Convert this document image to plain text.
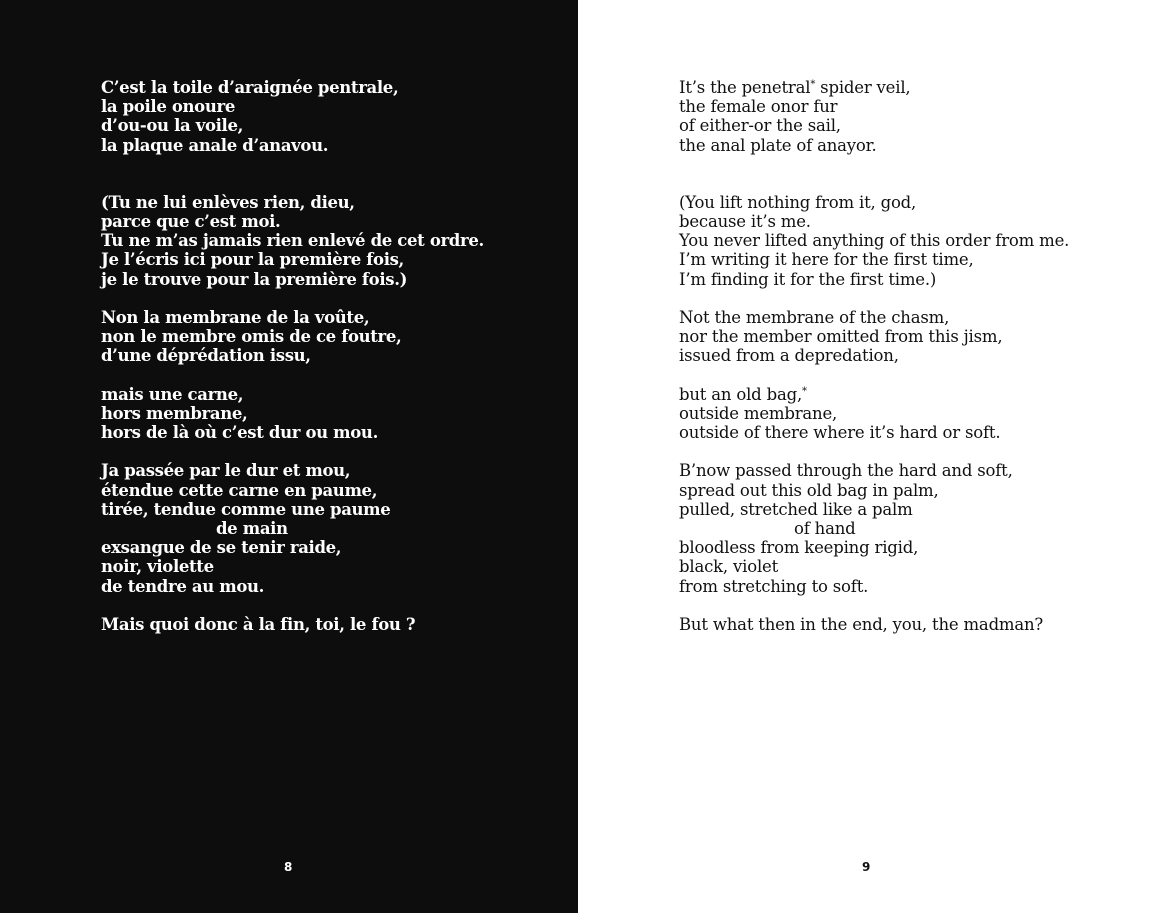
C’est la toile d’araignée pentrale,
la poile onoure
d’ou-ou la voile,
la plaque anale d’anavou.
(Tu ne lui enlèves rien, dieu,
parce que c’est moi.
Tu ne m’as jamais rien enlevé de cet ordre.
Je l’écris ici pour la première fois,
je le trouve pour la première fois.)
Non la membrane de la voûte,
non le membre omis de ce foutre,
d’une déprédation issu,
mais une carne,
hors membrane,
hors de là où c’est dur ou mou.
Ja passée par le dur et mou,
étendue cette carne en paume,
tirée, tendue comme une paume
de main
exsangue de se tenir raide,
noir, violette
de tendre au mou.
Mais quoi donc à la fin, toi, le fou ?
8
It’s the penetral* spider veil,
the female onor fur
of either-or the sail,
the anal plate of anayor.
(You lift nothing from it, god,
because it’s me.
You never lifted anything of this order from me.
I’m writing it here for the first time,
I’m finding it for the first time.)
Not the membrane of the chasm,
nor the member omitted from this jism,
issued from a depredation,
but an old bag,*
outside membrane,
outside of there where it’s hard or soft.
B’now passed through the hard and soft,
spread out this old bag in palm,
pulled, stretched like a palm
of hand
bloodless from keeping rigid,
black, violet
from stretching to soft.
But what then in the end, you, the madman?
9
